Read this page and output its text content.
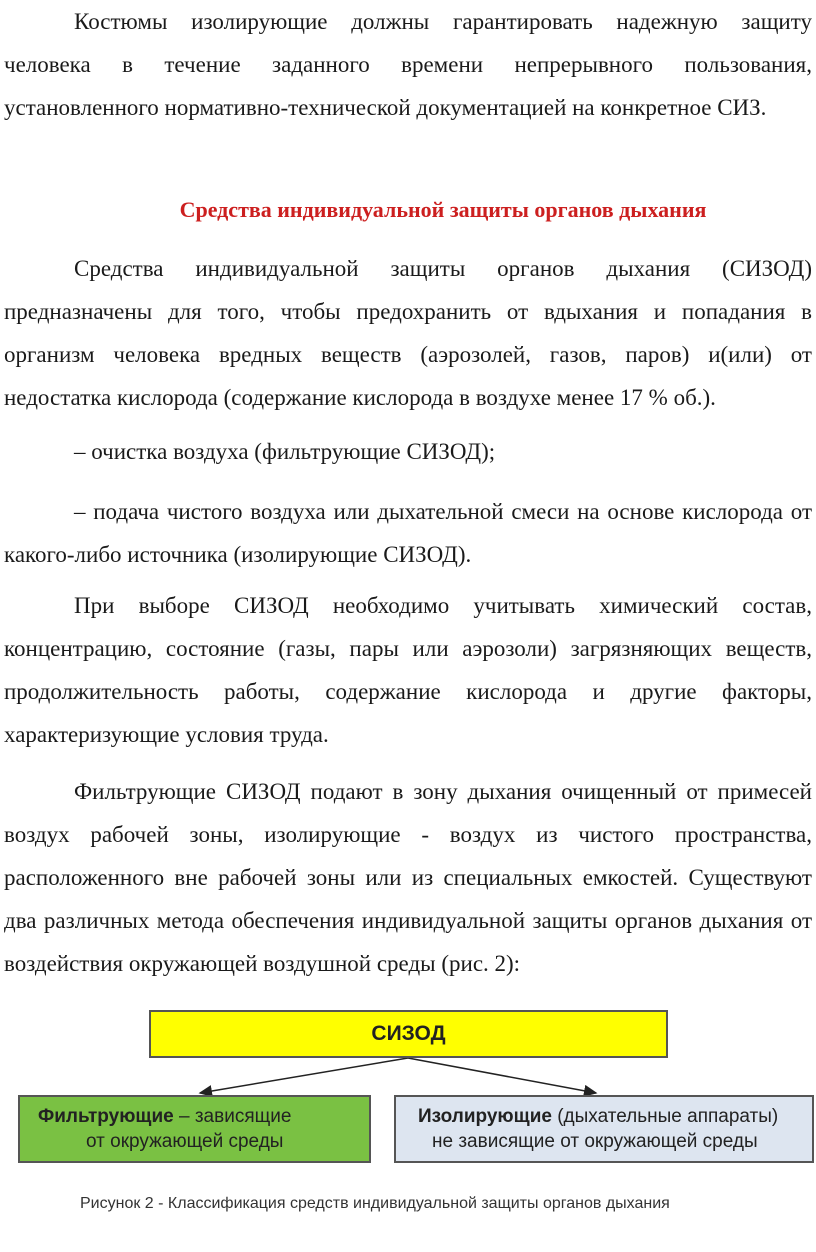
Костюмы изолирующие должны гарантировать надежную защиту человека в течение заданного времени непрерывного пользования, установленного нормативно-технической документацией на конкретное СИЗ.

Средства индивидуальной защиты органов дыхания

Средства индивидуальной защиты органов дыхания (СИЗОД) предназначены для того, чтобы предохранить от вдыхания и попадания в организм человека вредных веществ (аэрозолей, газов, паров) и(или) от недостатка кислорода (содержание кислорода в воздухе менее 17 % об.).

– очистка воздуха (фильтрующие СИЗОД);

– подача чистого воздуха или дыхательной смеси на основе кислорода от какого-либо источника (изолирующие СИЗОД).

При выборе СИЗОД необходимо учитывать химический состав, концентрацию, состояние (газы, пары или аэрозоли) загрязняющих веществ, продолжительность работы, содержание кислорода и другие факторы, характеризующие условия труда.

Фильтрующие СИЗОД подают в зону дыхания очищенный от примесей воздух рабочей зоны, изолирующие - воздух из чистого пространства, расположенного вне рабочей зоны или из специальных емкостей. Существуют два различных метода обеспечения индивидуальной защиты органов дыхания от воздействия окружающей воздушной среды (рис. 2):

СИЗОД
Фильтрующие – зависящие
от окружающей среды
Изолирующие (дыхательные аппараты)
не зависящие от окружающей среды
Рисунок 2 - Классификация средств индивидуальной защиты органов дыхания
